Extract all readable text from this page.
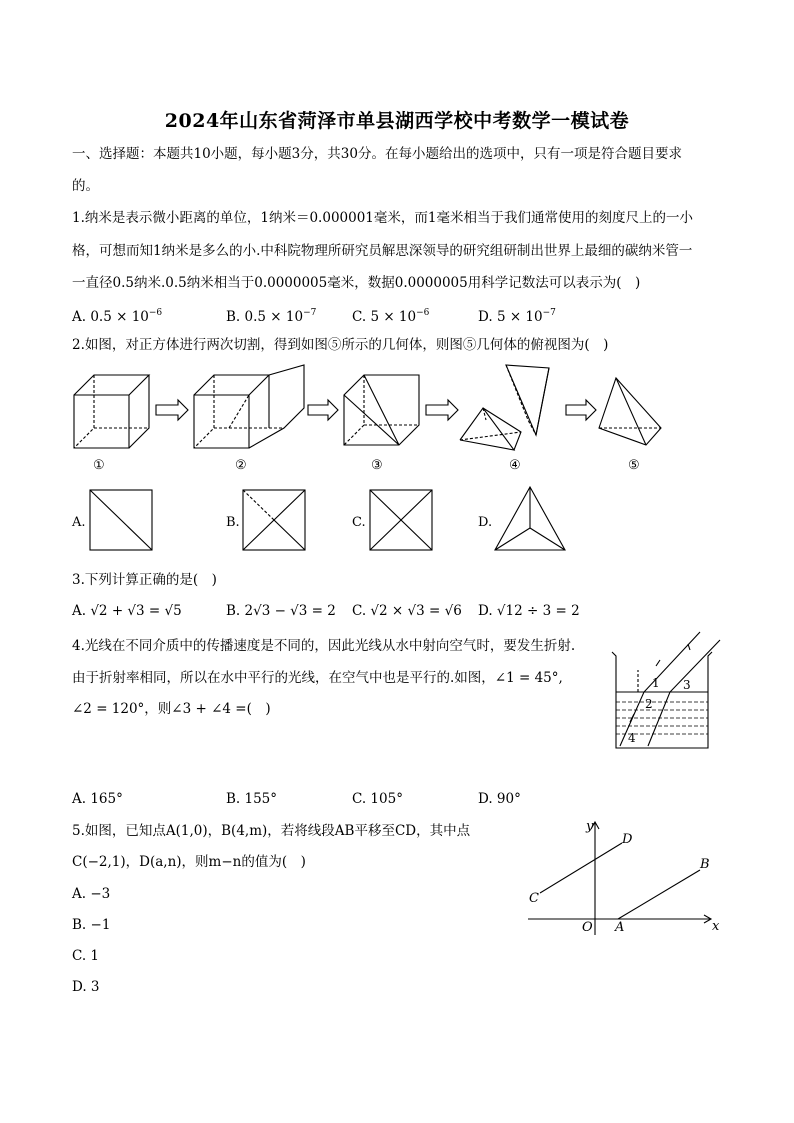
2024年山东省菏泽市单县湖西学校中考数学一模试卷
一、选择题：本题共10小题，每小题3分，共30分。在每小题给出的选项中，只有一项是符合题目要求
的。
1.纳米是表示微小距离的单位，1纳米＝0.000001毫米，而1毫米相当于我们通常使用的刻度尺上的一小
格，可想而知1纳米是多么的小.中科院物理所研究员解思深领导的研究组研制出世界上最细的碳纳米管一
一直径0.5纳米.0.5纳米相当于0.0000005毫米，数据0.0000005用科学记数法可以表示为(　)
A. $0.5 \times 10^{-6}$	B. $0.5 \times 10^{-7}$	C. $5 \times 10^{-6}$	D. $5 \times 10^{-7}$
2.如图，对正方体进行两次切割，得到如图⑤所示的几何体，则图⑤几何体的俯视图为(　)
①	②	③	④	⑤
A.	B.	C.	D.
3.下列计算正确的是(　)
A. √2 + √3 = √5	B. 2√3 − √3 = 2 C. √2 × √3 = √6 D. √12 ÷ 3 = 2
4.光线在不同介质中的传播速度是不同的，因此光线从水中射向空气时，要发生折射.
由于折射率相同，所以在水中平行的光线，在空气中也是平行的.如图，∠1 = 45°,
∠2 = 120°，则∠3 + ∠4 =(　)
1
2
3
4
A. 165°	B. 155°	C. 105°	D. 90°
5.如图，已知点A(1,0)，B(4,m)，若将线段AB平移至CD，其中点
C(−2,1)，D(a,n)，则m−n的值为(　)
A. −3
B. −1
C. 1
D. 3
y
x
O A
B
C
D
